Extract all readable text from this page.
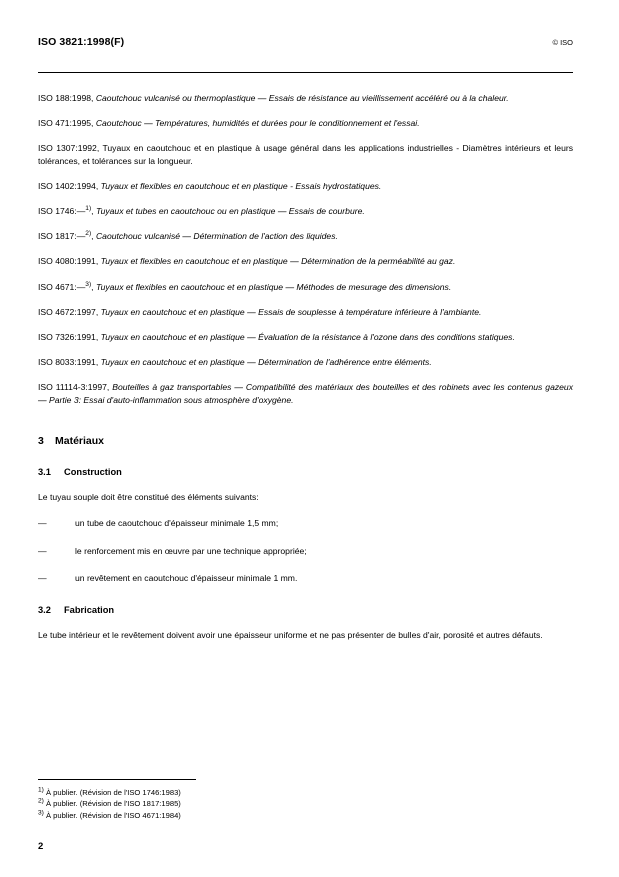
ISO 3821:1998(F)	© ISO

ISO 188:1998, Caoutchouc vulcanisé ou thermoplastique — Essais de résistance au vieillissement accéléré ou à la chaleur.

ISO 471:1995, Caoutchouc — Températures, humidités et durées pour le conditionnement et l'essai.

ISO 1307:1992, Tuyaux en caoutchouc et en plastique à usage général dans les applications industrielles - Diamètres intérieurs et leurs tolérances, et tolérances sur la longueur.

ISO 1402:1994, Tuyaux et flexibles en caoutchouc et en plastique - Essais hydrostatiques.

ISO 1746:—$^{1)}$, Tuyaux et tubes en caoutchouc ou en plastique — Essais de courbure.

ISO 1817:—$^{2)}$, Caoutchouc vulcanisé — Détermination de l'action des liquides.

ISO 4080:1991, Tuyaux et flexibles en caoutchouc et en plastique — Détermination de la perméabilité au gaz.

ISO 4671:—$^{3)}$, Tuyaux et flexibles en caoutchouc et en plastique — Méthodes de mesurage des dimensions.

ISO 4672:1997, Tuyaux en caoutchouc et en plastique — Essais de souplesse à température inférieure à l'ambiante.

ISO 7326:1991, Tuyaux en caoutchouc et en plastique — Évaluation de la résistance à l'ozone dans des conditions statiques.

ISO 8033:1991, Tuyaux en caoutchouc et en plastique — Détermination de l'adhérence entre éléments.

ISO 11114-3:1997, Bouteilles à gaz transportables — Compatibilité des matériaux des bouteilles et des robinets avec les contenus gazeux — Partie 3: Essai d'auto-inflammation sous atmosphère d'oxygène.

3 Matériaux
3.1 Construction

Le tuyau souple doit être constitué des éléments suivants:

—	un tube de caoutchouc d'épaisseur minimale 1,5 mm;
—	le renforcement mis en œuvre par une technique appropriée;
—	un revêtement en caoutchouc d'épaisseur minimale 1 mm.
3.2 Fabrication

Le tube intérieur et le revêtement doivent avoir une épaisseur uniforme et ne pas présenter de bulles d'air, porosité et autres défauts.

$^{1)}$ À publier. (Révision de l'ISO 1746:1983)

$^{2)}$ À publier. (Révision de l'ISO 1817:1985)

$^{3)}$ À publier. (Révision de l'ISO 4671:1984)

2
